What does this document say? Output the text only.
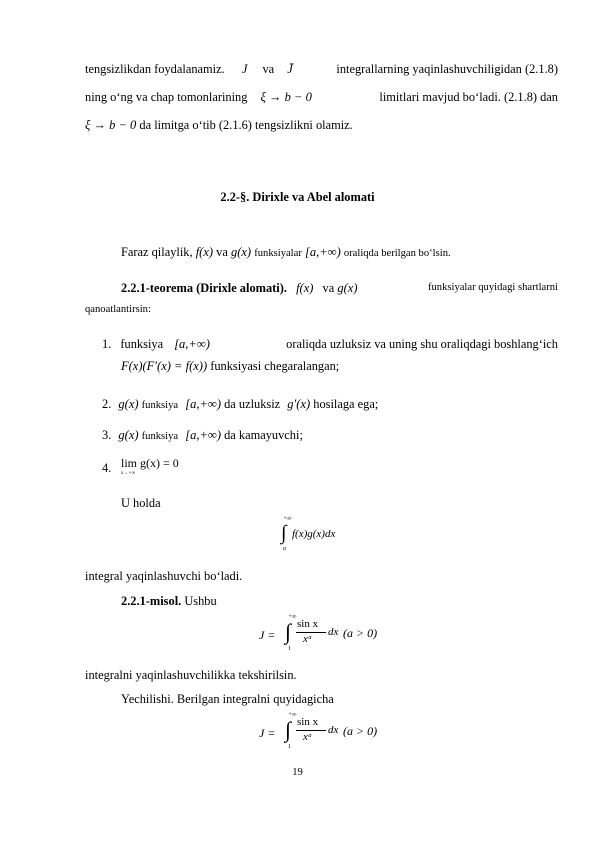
tengsizlikdan foydalanamiz. J va J̄	integrallarning yaqinlashuvchiligidan (2.1.8)
ning o‘ng va chap tomonlarining ξ → b − 0	limitlari mavjud bo‘ladi. (2.1.8) dan
ξ → b − 0 da limitga o‘tib (2.1.6) tengsizlikni olamiz.
2.2-§. Dirixle va Abel alomati
Faraz qilaylik, f(x) va g(x) funksiyalar [a,+∞) oraliqda berilgan bo‘lsin.
2.2.1-teorema (Dirixle alomati). f(x) va g(x)	funksiyalar quyidagi shartlarni
qanoatlantirsin:
1. funksiya [a,+∞)	oraliqda uzluksiz va uning shu oraliqdagi boshlang‘ich
F(x)(F′(x) = f(x)) funksiyasi chegaralangan;
2. g(x) funksiya [a,+∞) da uzluksiz g′(x) hosilaga ega;
3. g(x) funksiya [a,+∞) da kamayuvchi;
4. lim g(x) = 0
x→+∞
U holda
+∞
∫
a
f(x)g(x)dx
integral yaqinlashuvchi bo‘ladi.
2.2.1-misol. Ushbu
J =
+∞
∫
1
sin x
xᵅ
dx (a > 0)
integralni yaqinlashuvchilikka tekshirilsin.
Yechilishi. Berilgan integralni quyidagicha
J =
+∞
∫
1
sin x
xᵅ
dx (a > 0)
19
